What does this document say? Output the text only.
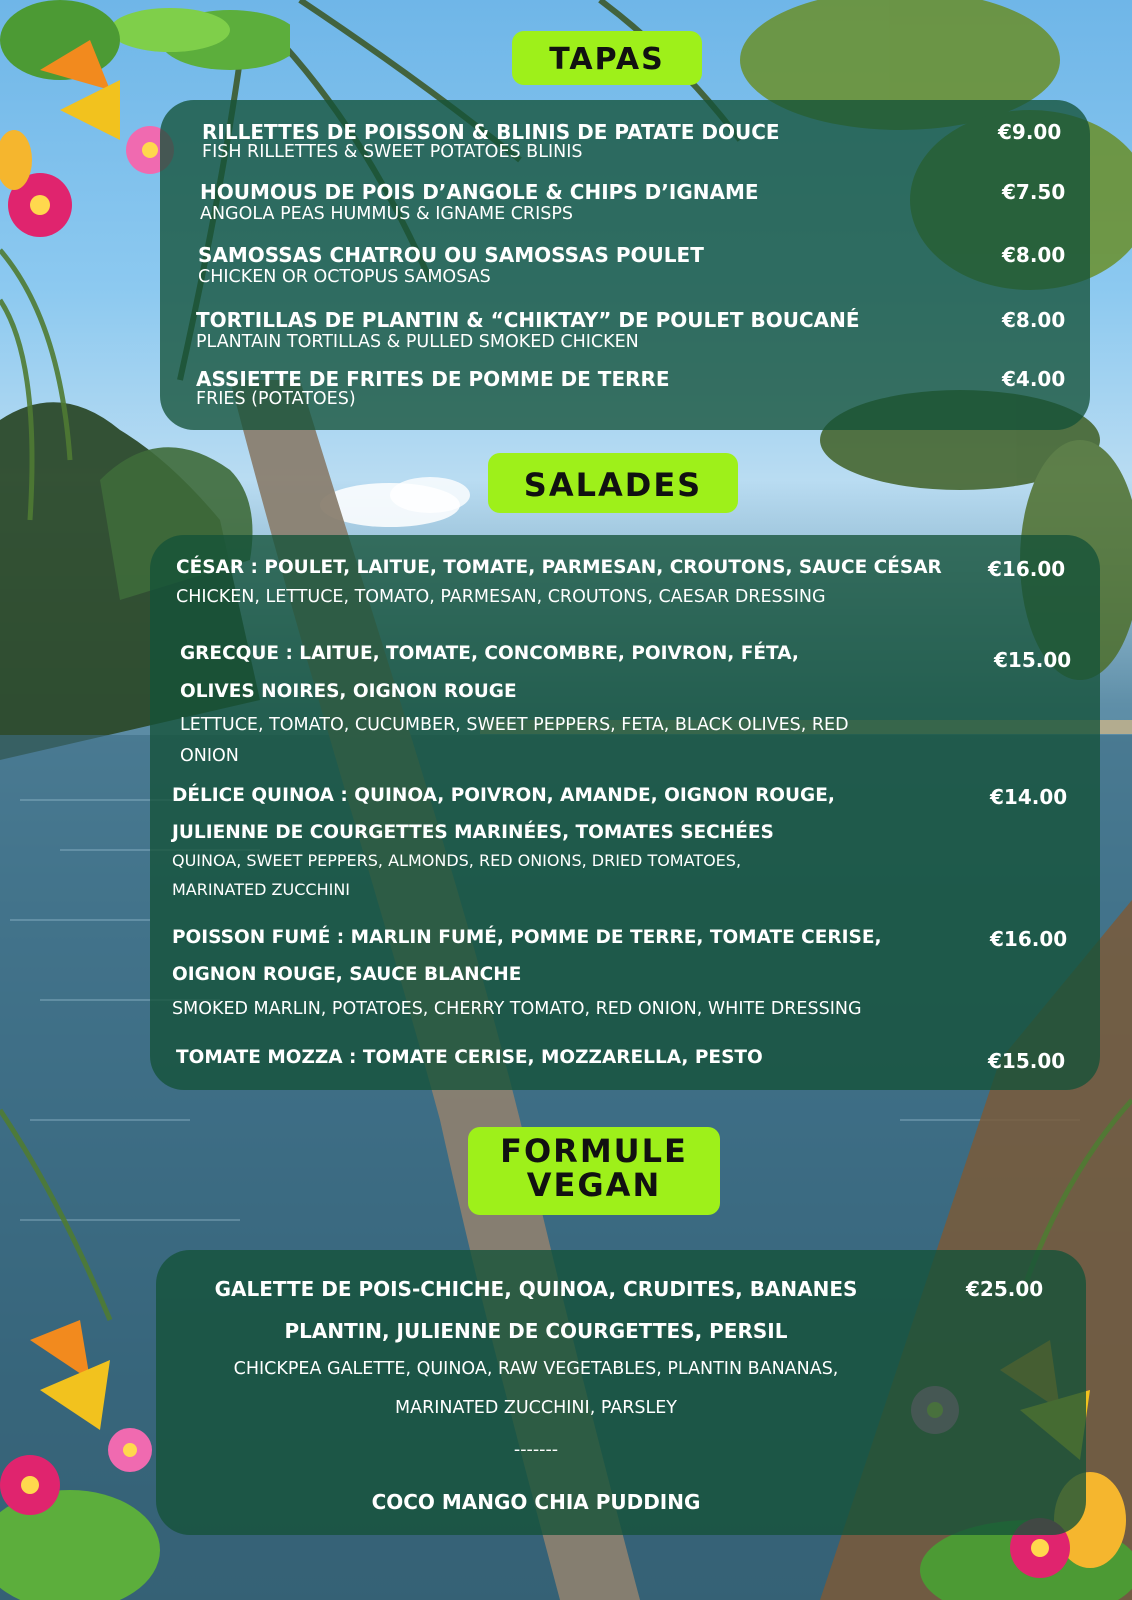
TAPAS
RILLETTES DE POISSON & BLINIS DE PATATE DOUCE
FISH RILLETTES & SWEET POTATOES BLINIS
€9.00
HOUMOUS DE POIS D’ANGOLE & CHIPS D’IGNAME
ANGOLA PEAS HUMMUS & IGNAME CRISPS
€7.50
SAMOSSAS CHATROU OU SAMOSSAS POULET
CHICKEN OR OCTOPUS SAMOSAS
€8.00
TORTILLAS DE PLANTIN & “CHIKTAY” DE POULET BOUCANÉ
PLANTAIN TORTILLAS & PULLED SMOKED CHICKEN
€8.00
ASSIETTE DE FRITES DE POMME DE TERRE
FRIES (POTATOES)
€4.00
SALADES
CÉSAR : POULET, LAITUE, TOMATE, PARMESAN, CROUTONS, SAUCE CÉSAR
CHICKEN, LETTUCE, TOMATO, PARMESAN, CROUTONS, CAESAR DRESSING
€16.00
GRECQUE : LAITUE, TOMATE, CONCOMBRE, POIVRON, FÉTA,
OLIVES NOIRES, OIGNON ROUGE
LETTUCE, TOMATO, CUCUMBER, SWEET PEPPERS, FETA, BLACK OLIVES, RED
ONION
€15.00
DÉLICE QUINOA : QUINOA, POIVRON, AMANDE, OIGNON ROUGE,
JULIENNE DE COURGETTES MARINÉES, TOMATES SECHÉES
QUINOA, SWEET PEPPERS, ALMONDS, RED ONIONS, DRIED TOMATOES,
MARINATED ZUCCHINI
€14.00
POISSON FUMÉ : MARLIN FUMÉ, POMME DE TERRE, TOMATE CERISE,
OIGNON ROUGE, SAUCE BLANCHE
SMOKED MARLIN, POTATOES, CHERRY TOMATO, RED ONION, WHITE DRESSING
€16.00
TOMATE MOZZA : TOMATE CERISE, MOZZARELLA, PESTO	€15.00
FORMULE
VEGAN
GALETTE DE POIS-CHICHE, QUINOA, CRUDITES, BANANES
PLANTIN, JULIENNE DE COURGETTES, PERSIL
CHICKPEA GALETTE, QUINOA, RAW VEGETABLES, PLANTIN BANANAS,
MARINATED ZUCCHINI, PARSLEY
-------
COCO MANGO CHIA PUDDING
€25.00
